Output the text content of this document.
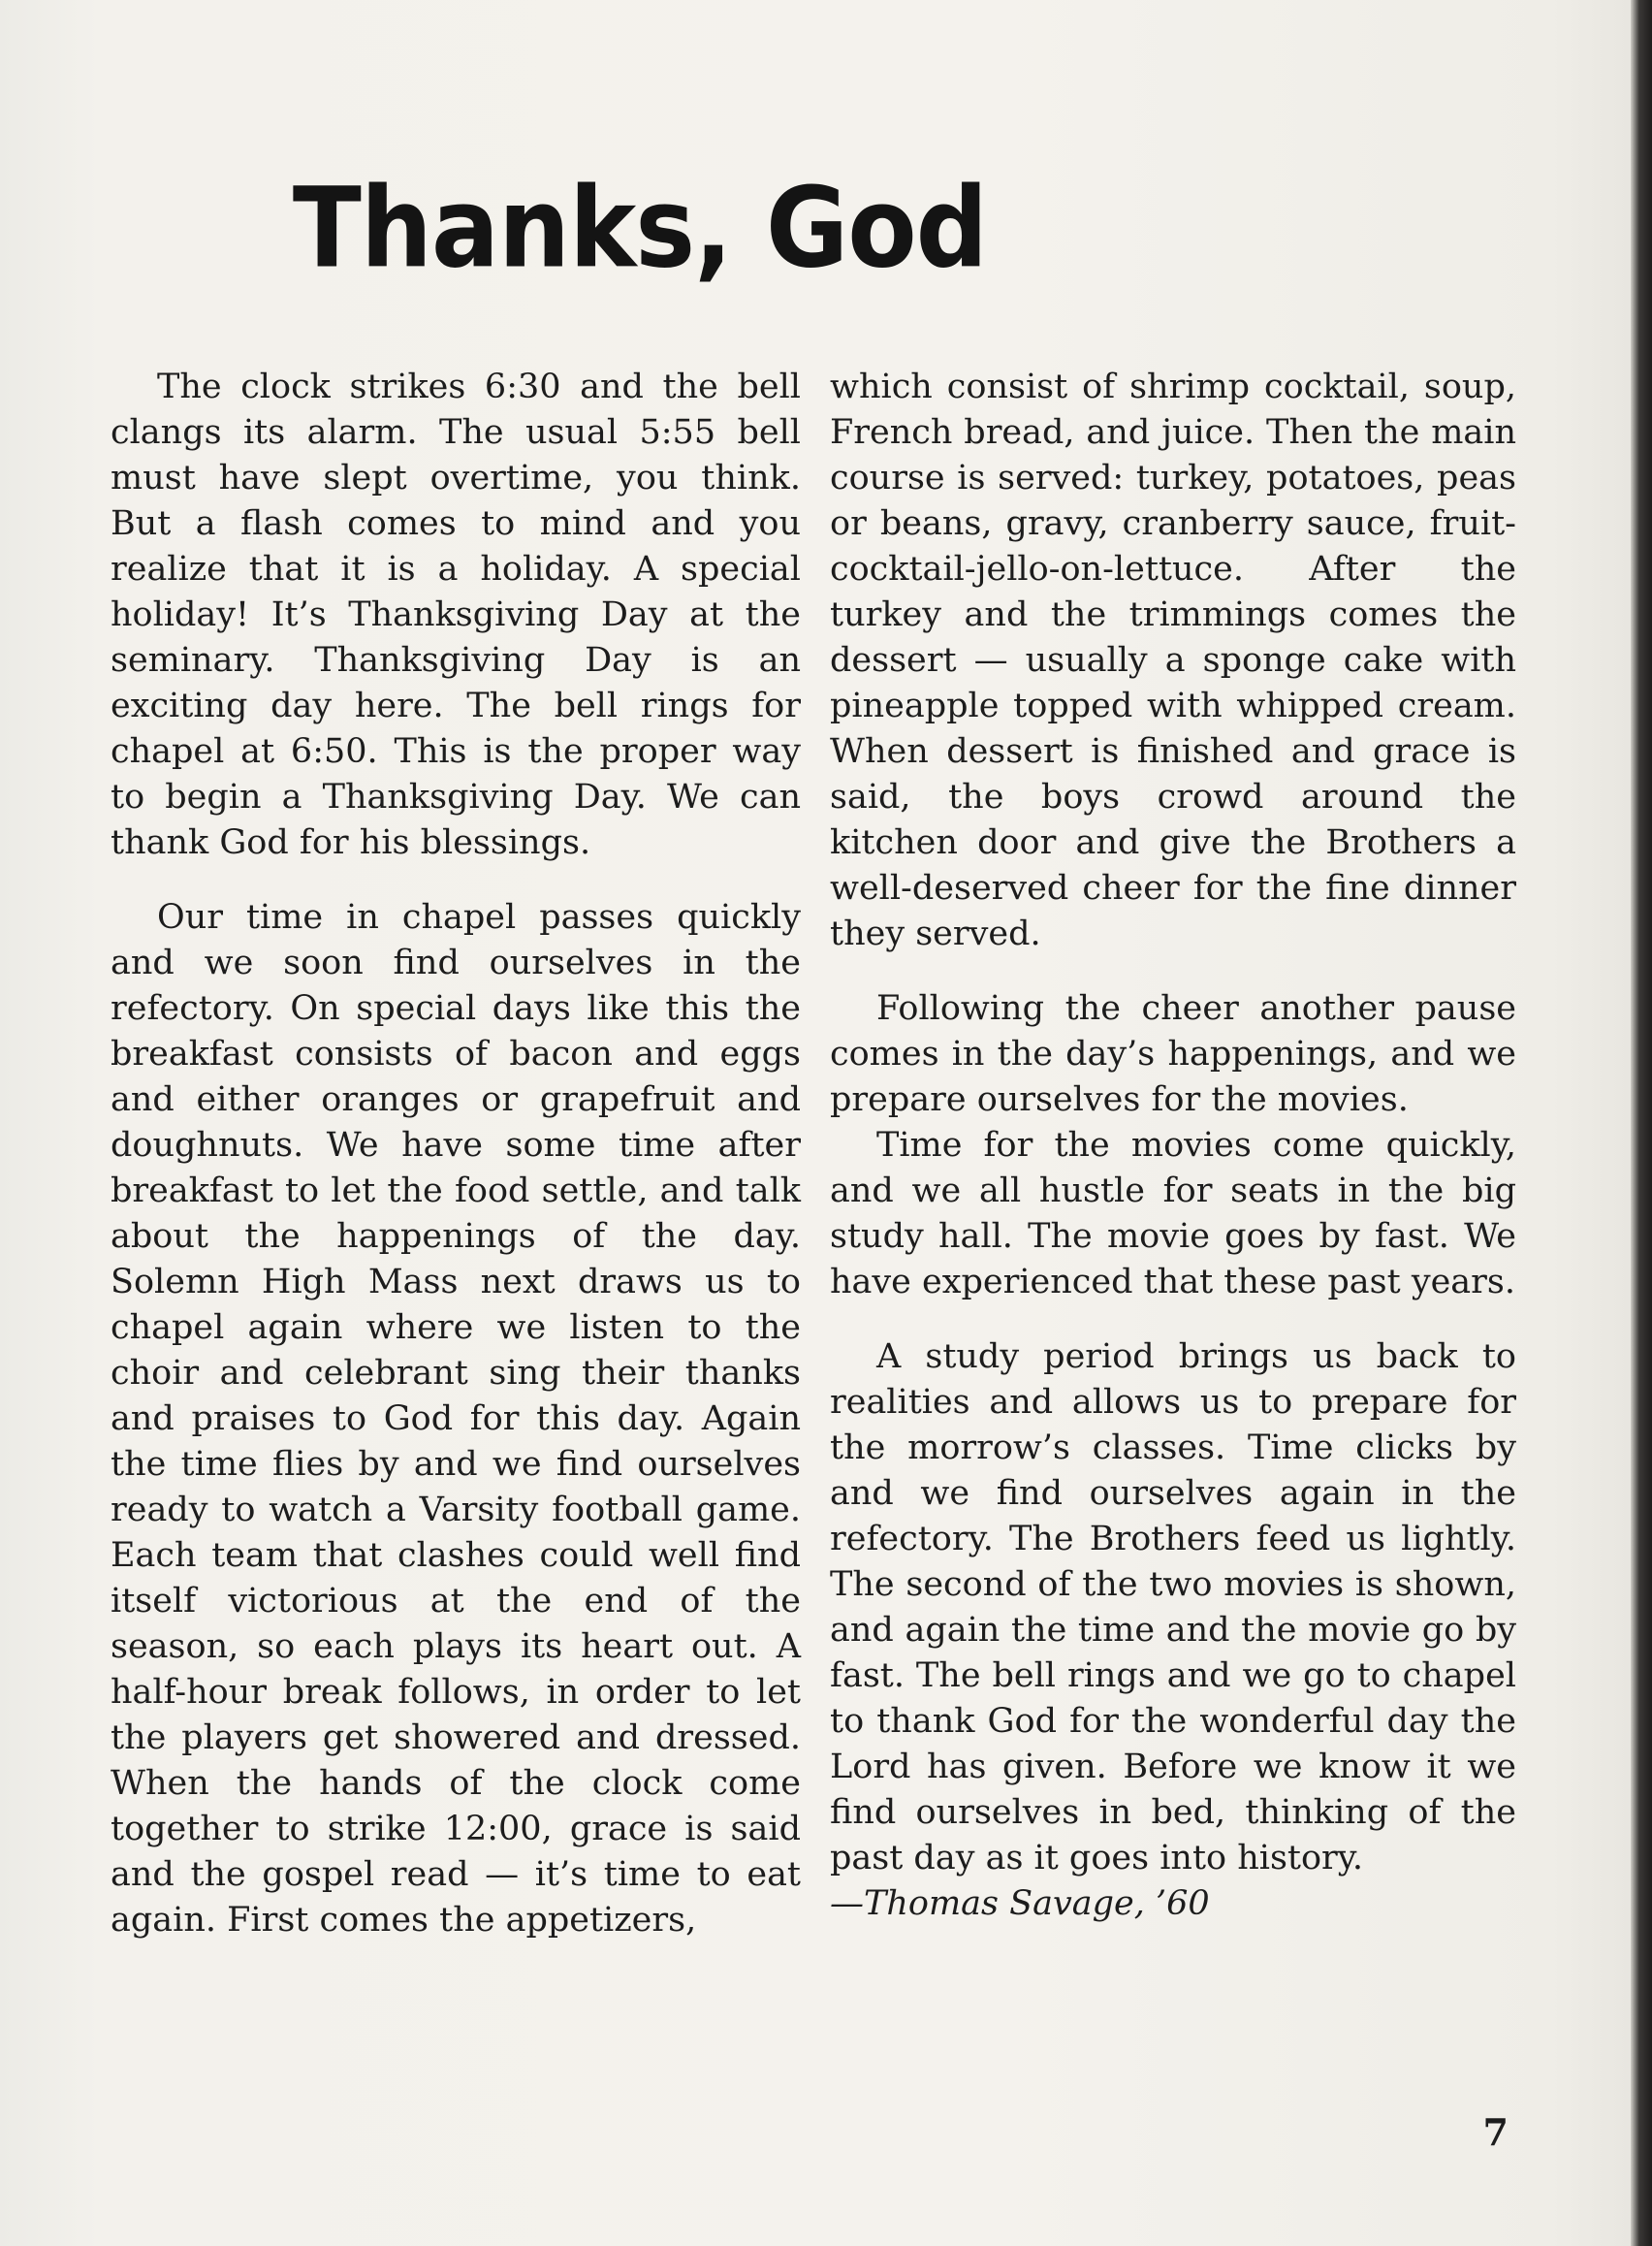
Thanks, God

The clock strikes 6:30 and the bell clangs its alarm. The usual 5:55 bell must have slept overtime, you think. But a flash comes to mind and you realize that it is a holiday. A special holiday! It’s Thanksgiving Day at the seminary. Thanksgiving Day is an exciting day here. The bell rings for chapel at 6:50. This is the proper way to begin a Thanksgiving Day. We can thank God for his blessings.

Our time in chapel passes quickly and we soon find ourselves in the refectory. On special days like this the breakfast consists of bacon and eggs and either oranges or grapefruit and doughnuts. We have some time after breakfast to let the food settle, and talk about the happenings of the day. Solemn High Mass next draws us to chapel again where we listen to the choir and celebrant sing their thanks and praises to God for this day. Again the time flies by and we find ourselves ready to watch a Varsity football game. Each team that clashes could well find itself victorious at the end of the season, so each plays its heart out. A half-hour break follows, in order to let the players get showered and dressed. When the hands of the clock come together to strike 12:00, grace is said and the gospel read — it’s time to eat again. First comes the appetizers,

which consist of shrimp cocktail, soup, French bread, and juice. Then the main course is served: turkey, potatoes, peas or beans, gravy, cranberry sauce, fruit-cocktail-jello-on-lettuce. After the turkey and the trimmings comes the dessert — usually a sponge cake with pineapple topped with whipped cream. When dessert is finished and grace is said, the boys crowd around the kitchen door and give the Brothers a well-deserved cheer for the fine dinner they served.

Following the cheer another pause comes in the day’s happenings, and we prepare ourselves for the movies.

Time for the movies come quickly, and we all hustle for seats in the big study hall. The movie goes by fast. We have experienced that these past years.

A study period brings us back to realities and allows us to prepare for the morrow’s classes. Time clicks by and we find ourselves again in the refectory. The Brothers feed us lightly. The second of the two movies is shown, and again the time and the movie go by fast. The bell rings and we go to chapel to thank God for the wonderful day the Lord has given. Before we know it we find ourselves in bed, thinking of the past day as it goes into history.

—Thomas Savage, ’60

7
